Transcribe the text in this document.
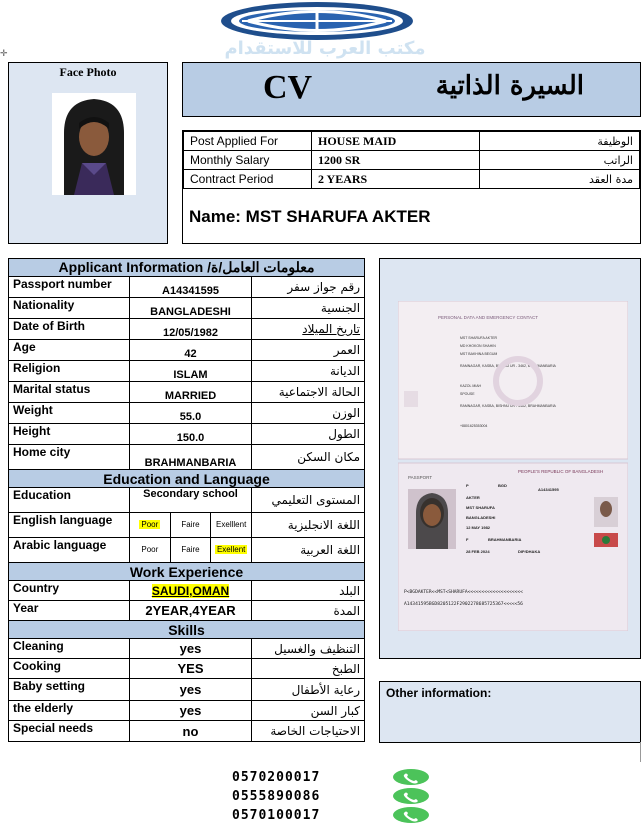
مكتب العرب للاستقدام
✛
Face Photo	CV	السيرة الذاتية
Post Applied For	HOUSE MAID	الوظيفة
Monthly Salary	1200 SR	الراتب
Contract Period	2 YEARS	مدة العقد
Name: MST SHARUFA AKTER
Applicant Information /معلومات العامل/ة		
Passport number	A14341595	رقم جواز سفر
Nationality	BANGLADESHI	الجنسية
Date of Birth	12/05/1982	تاريخ الميلاد
Age	42	العمر
Religion	ISLAM	الديانة
Marital status	MARRIED	الحالة الاجتماعية
Weight	55.0	الوزن
Height	150.0	الطول
Home city	BRAHMANBARIA	مكان السكن
Education and Language		
Education	Secondary school	المستوى التعليمي
English language	Poor Faire Exelllent	اللغة الانجليزية
Arabic language	Poor Faire Exellent	اللغة العربية
Work Experience		
Country	SAUDI,OMAN	البلد
Year	2YEAR,4YEAR	المدة
Skills		
Cleaning	yes	التنظيف والغسيل
Cooking	YES	الطبخ
Baby setting	yes	رعاية الأطفال
the elderly	yes	كبار السن
Special needs	no	الاحتياجات الخاصة
PERSONAL DATA AND EMERGENCY CONTACT
MST SHARUFA AKTER
MD KHOKON SHAHIN
MST BAKHINA BEGUM
RAMNAGAR, KASBA, BISHNU UR - 3462, BRAHMANBARIA
KAZOL MIAH
SPOUSE
RAMNAGAR, KASBA, BISHNU UR - 3462, BRAHMANBARIA
+8801625353004
PASSPORT
PEOPLE'S REPUBLIC OF BANGLADESH
P	BGD
A14341595
AKTER
MST SHARUFA
BANGLADESHI
12 MAY 1982
F	BRAHMANBARIA
28 FEB 2024	DIP/DHAKA
P<BGDAKTER<<MST<SHARUFA<<<<<<<<<<<<<<<<<<<<
A14341595BGD8205122F2902278685725367<<<<<56
Other information:
0570200017
0555890086
0570100017
